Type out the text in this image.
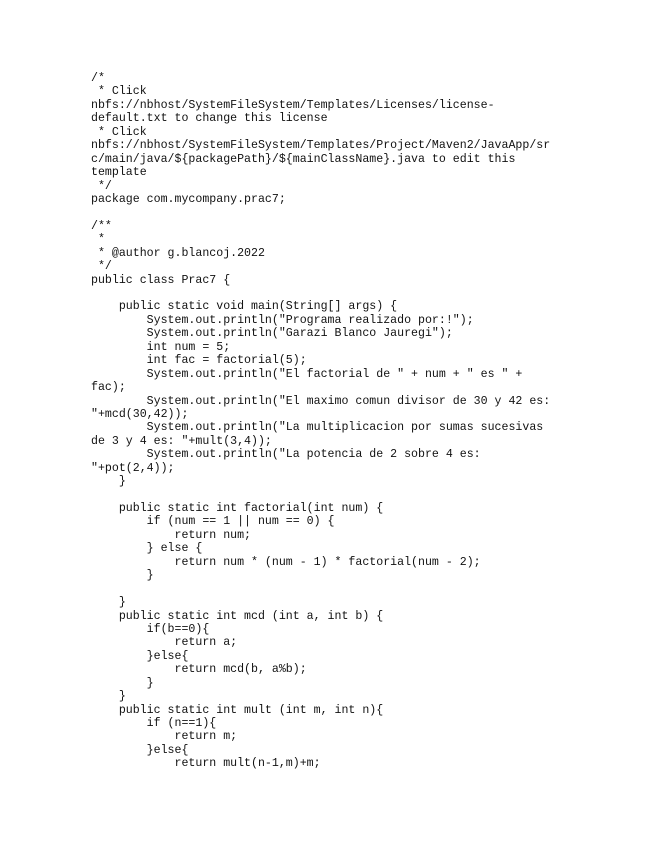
/*
* Click
nbfs://nbhost/SystemFileSystem/Templates/Licenses/license-
default.txt to change this license
* Click
nbfs://nbhost/SystemFileSystem/Templates/Project/Maven2/JavaApp/sr
c/main/java/${packagePath}/${mainClassName}.java to edit this
template
*/
package com.mycompany.prac7;
/**
*
* @author g.blancoj.2022
*/
public class Prac7 {
public static void main(String[] args) {
System.out.println("Programa realizado por:!");
System.out.println("Garazi Blanco Jauregi");
int num = 5;
int fac = factorial(5);
System.out.println("El factorial de " + num + " es " +
fac);
System.out.println("El maximo comun divisor de 30 y 42 es:
"+mcd(30,42));
System.out.println("La multiplicacion por sumas sucesivas
de 3 y 4 es: "+mult(3,4));
System.out.println("La potencia de 2 sobre 4 es:
"+pot(2,4));
}
public static int factorial(int num) {
if (num == 1 || num == 0) {
return num;
} else {
return num * (num - 1) * factorial(num - 2);
}
}
public static int mcd (int a, int b) {
if(b==0){
return a;
}else{
return mcd(b, a%b);
}
}
public static int mult (int m, int n){
if (n==1){
return m;
}else{
return mult(n-1,m)+m;
